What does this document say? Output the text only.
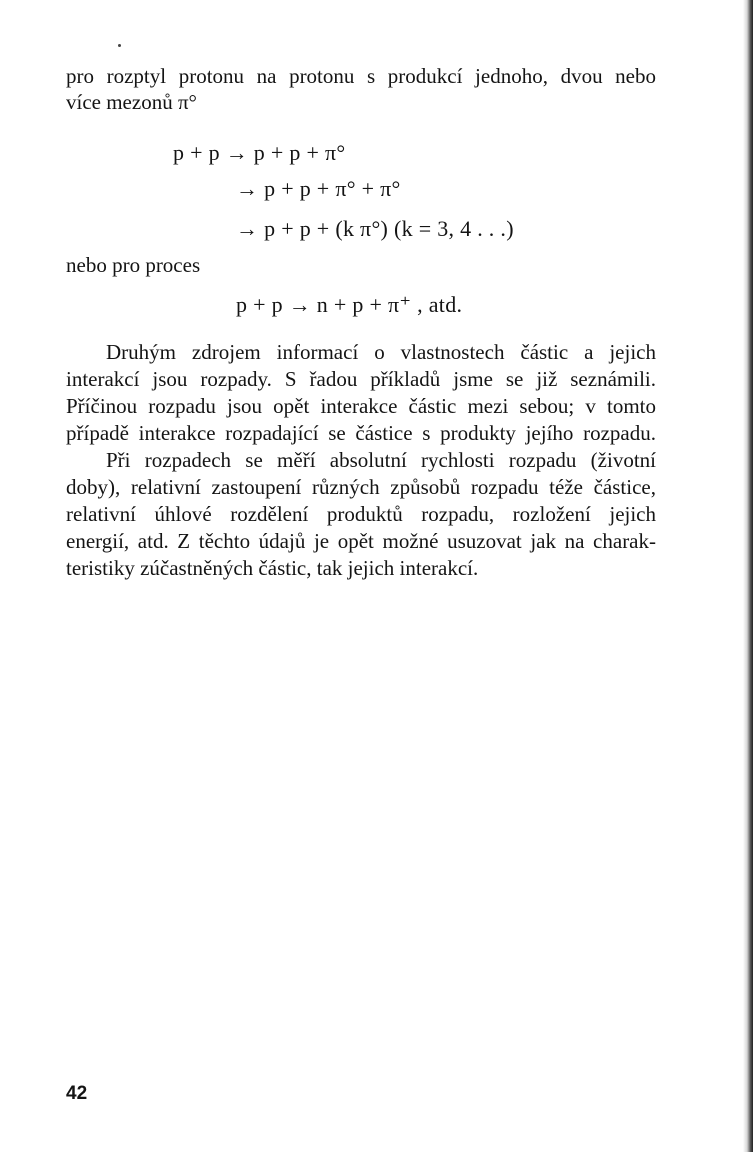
pro rozptyl protonu na protonu s produkcí jednoho, dvou nebo
více mezonů π°
p + p → p + p + π°
→ p + p + π° + π°
→ p + p + (k π°) (k = 3, 4 . . .)
nebo pro proces
p + p → n + p + π⁺ , atd.
Druhým zdrojem informací o vlastnostech částic a jejich
interakcí jsou rozpady. S řadou příkladů jsme se již seznámili.
Příčinou rozpadu jsou opět interakce částic mezi sebou; v tomto
případě interakce rozpadající se částice s produkty jejího rozpadu.
Při rozpadech se měří absolutní rychlosti rozpadu (životní
doby), relativní zastoupení různých způsobů rozpadu téže částice,
relativní úhlové rozdělení produktů rozpadu, rozložení jejich
energií, atd. Z těchto údajů je opět možné usuzovat jak na charak-
teristiky zúčastněných částic, tak jejich interakcí.
42
